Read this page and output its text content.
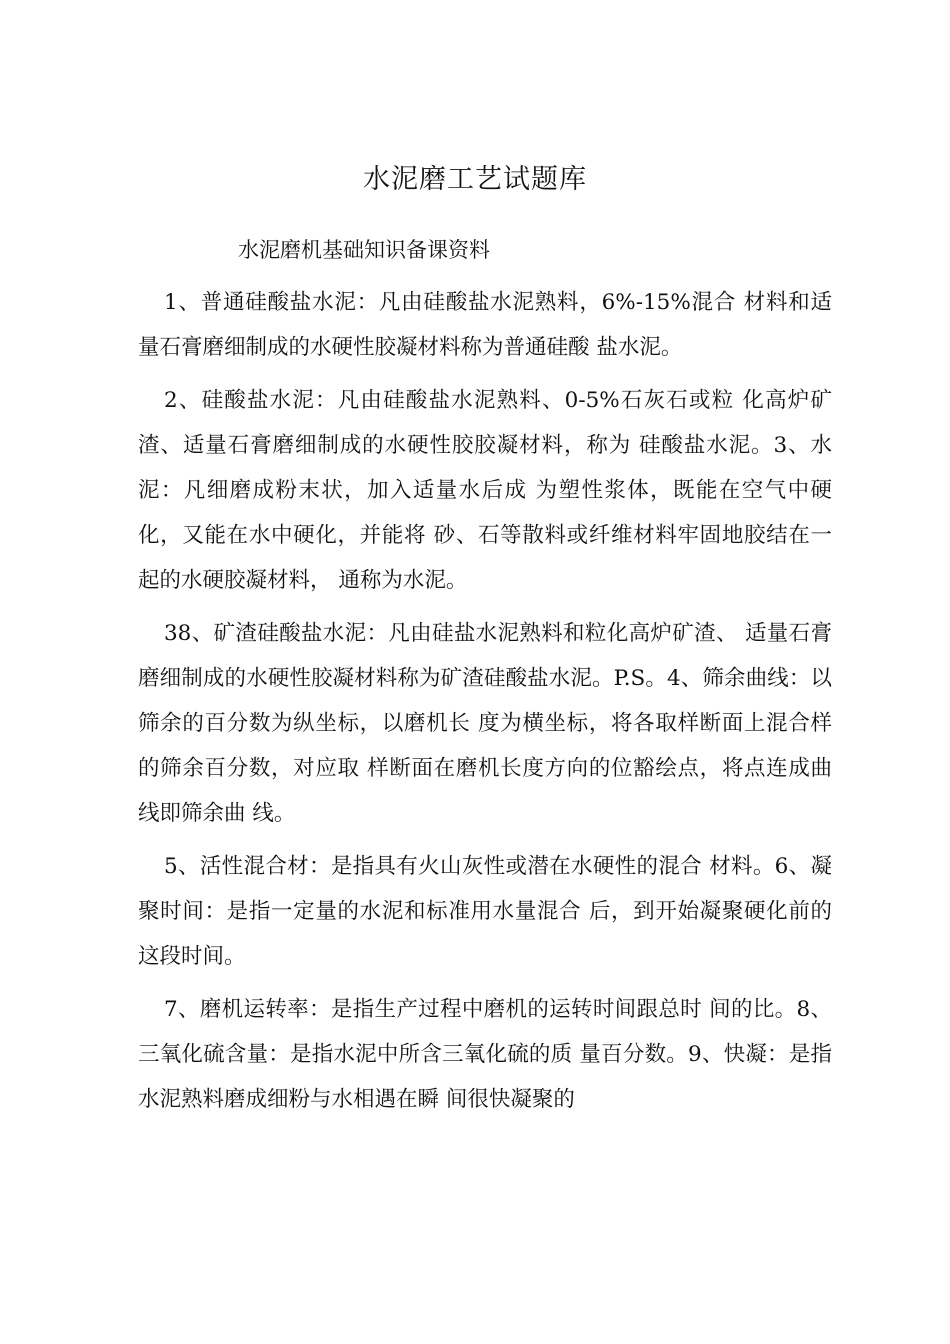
水泥磨工艺试题库
水泥磨机基础知识备课资料

1、普通硅酸盐水泥：凡由硅酸盐水泥熟料，6%-15%混合 材料和适量石膏磨细制成的水硬性胶凝材料称为普通硅酸 盐水泥。

2、硅酸盐水泥：凡由硅酸盐水泥熟料、0-5%石灰石或粒 化高炉矿渣、适量石膏磨细制成的水硬性胶胶凝材料，称为 硅酸盐水泥。3、水泥：凡细磨成粉末状，加入适量水后成 为塑性浆体，既能在空气中硬化，又能在水中硬化，并能将 砂、石等散料或纤维材料牢固地胶结在一起的水硬胶凝材料， 通称为水泥。

38、矿渣硅酸盐水泥：凡由硅盐水泥熟料和粒化高炉矿渣、 适量石膏磨细制成的水硬性胶凝材料称为矿渣硅酸盐水泥。P.S。4、筛余曲线：以筛余的百分数为纵坐标，以磨机长 度为横坐标，将各取样断面上混合样的筛余百分数，对应取 样断面在磨机长度方向的位豁绘点，将点连成曲线即筛余曲 线。

5、活性混合材：是指具有火山灰性或潜在水硬性的混合 材料。6、凝聚时间：是指一定量的水泥和标准用水量混合 后，到开始凝聚硬化前的这段时间。

7、磨机运转率：是指生产过程中磨机的运转时间跟总时 间的比。8、三氧化硫含量：是指水泥中所含三氧化硫的质 量百分数。9、快凝：是指水泥熟料磨成细粉与水相遇在瞬 间很快凝聚的
